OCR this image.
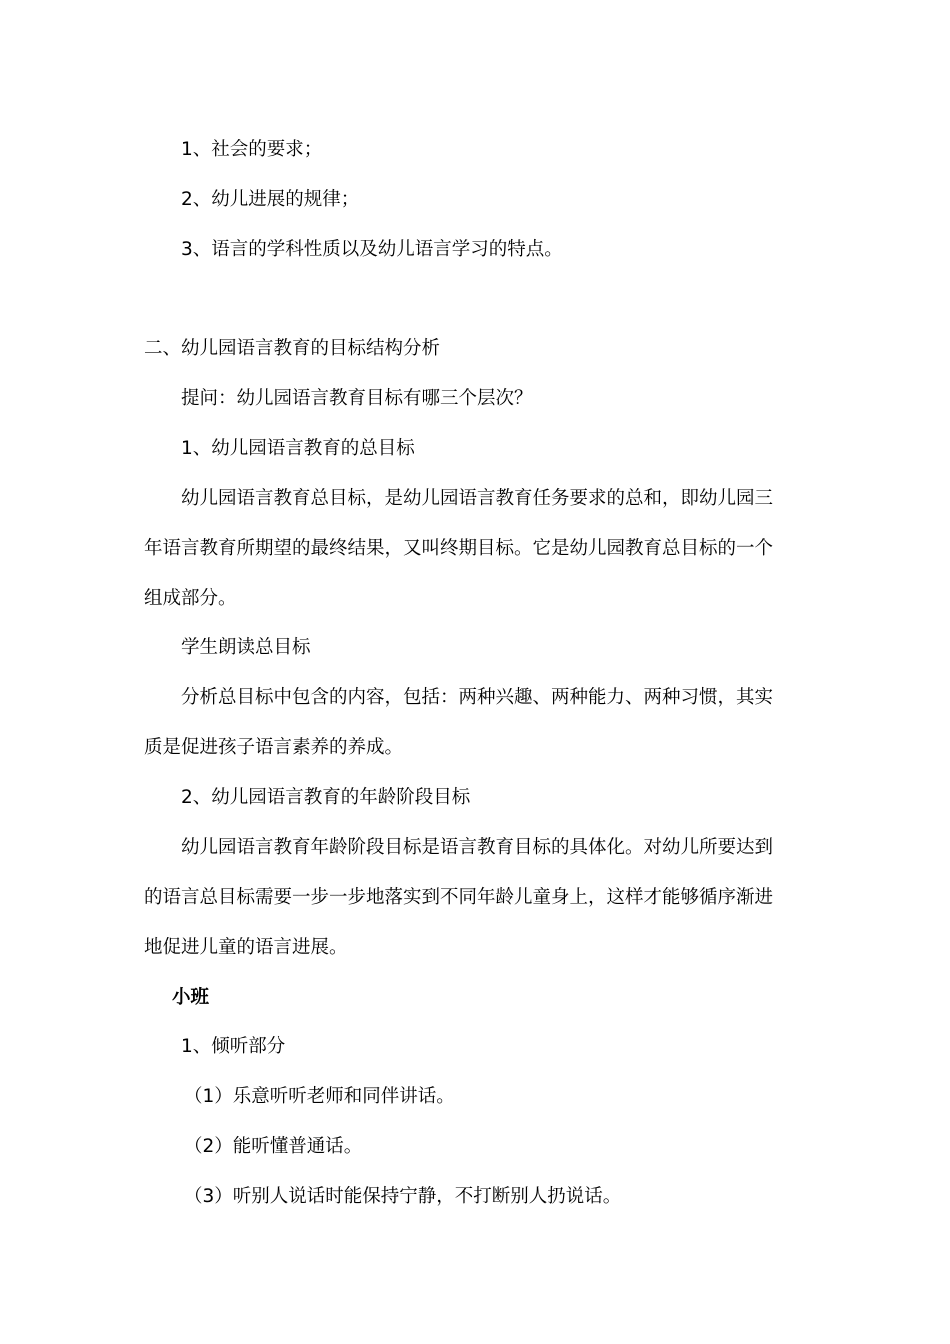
1、社会的要求；
2、幼儿进展的规律；
3、语言的学科性质以及幼儿语言学习的特点。
二、幼儿园语言教育的目标结构分析
提问：幼儿园语言教育目标有哪三个层次？
1、幼儿园语言教育的总目标
幼儿园语言教育总目标，是幼儿园语言教育任务要求的总和，即幼儿园三
年语言教育所期望的最终结果，又叫终期目标。它是幼儿园教育总目标的一个
组成部分。
学生朗读总目标
分析总目标中包含的内容，包括：两种兴趣、两种能力、两种习惯，其实
质是促进孩子语言素养的养成。
2、幼儿园语言教育的年龄阶段目标
幼儿园语言教育年龄阶段目标是语言教育目标的具体化。对幼儿所要达到
的语言总目标需要一步一步地落实到不同年龄儿童身上，这样才能够循序渐进
地促进儿童的语言进展。
小班
1、倾听部分
（1）乐意听听老师和同伴讲话。
（2）能听懂普通话。
（3）听别人说话时能保持宁静，不打断别人扔说话。
